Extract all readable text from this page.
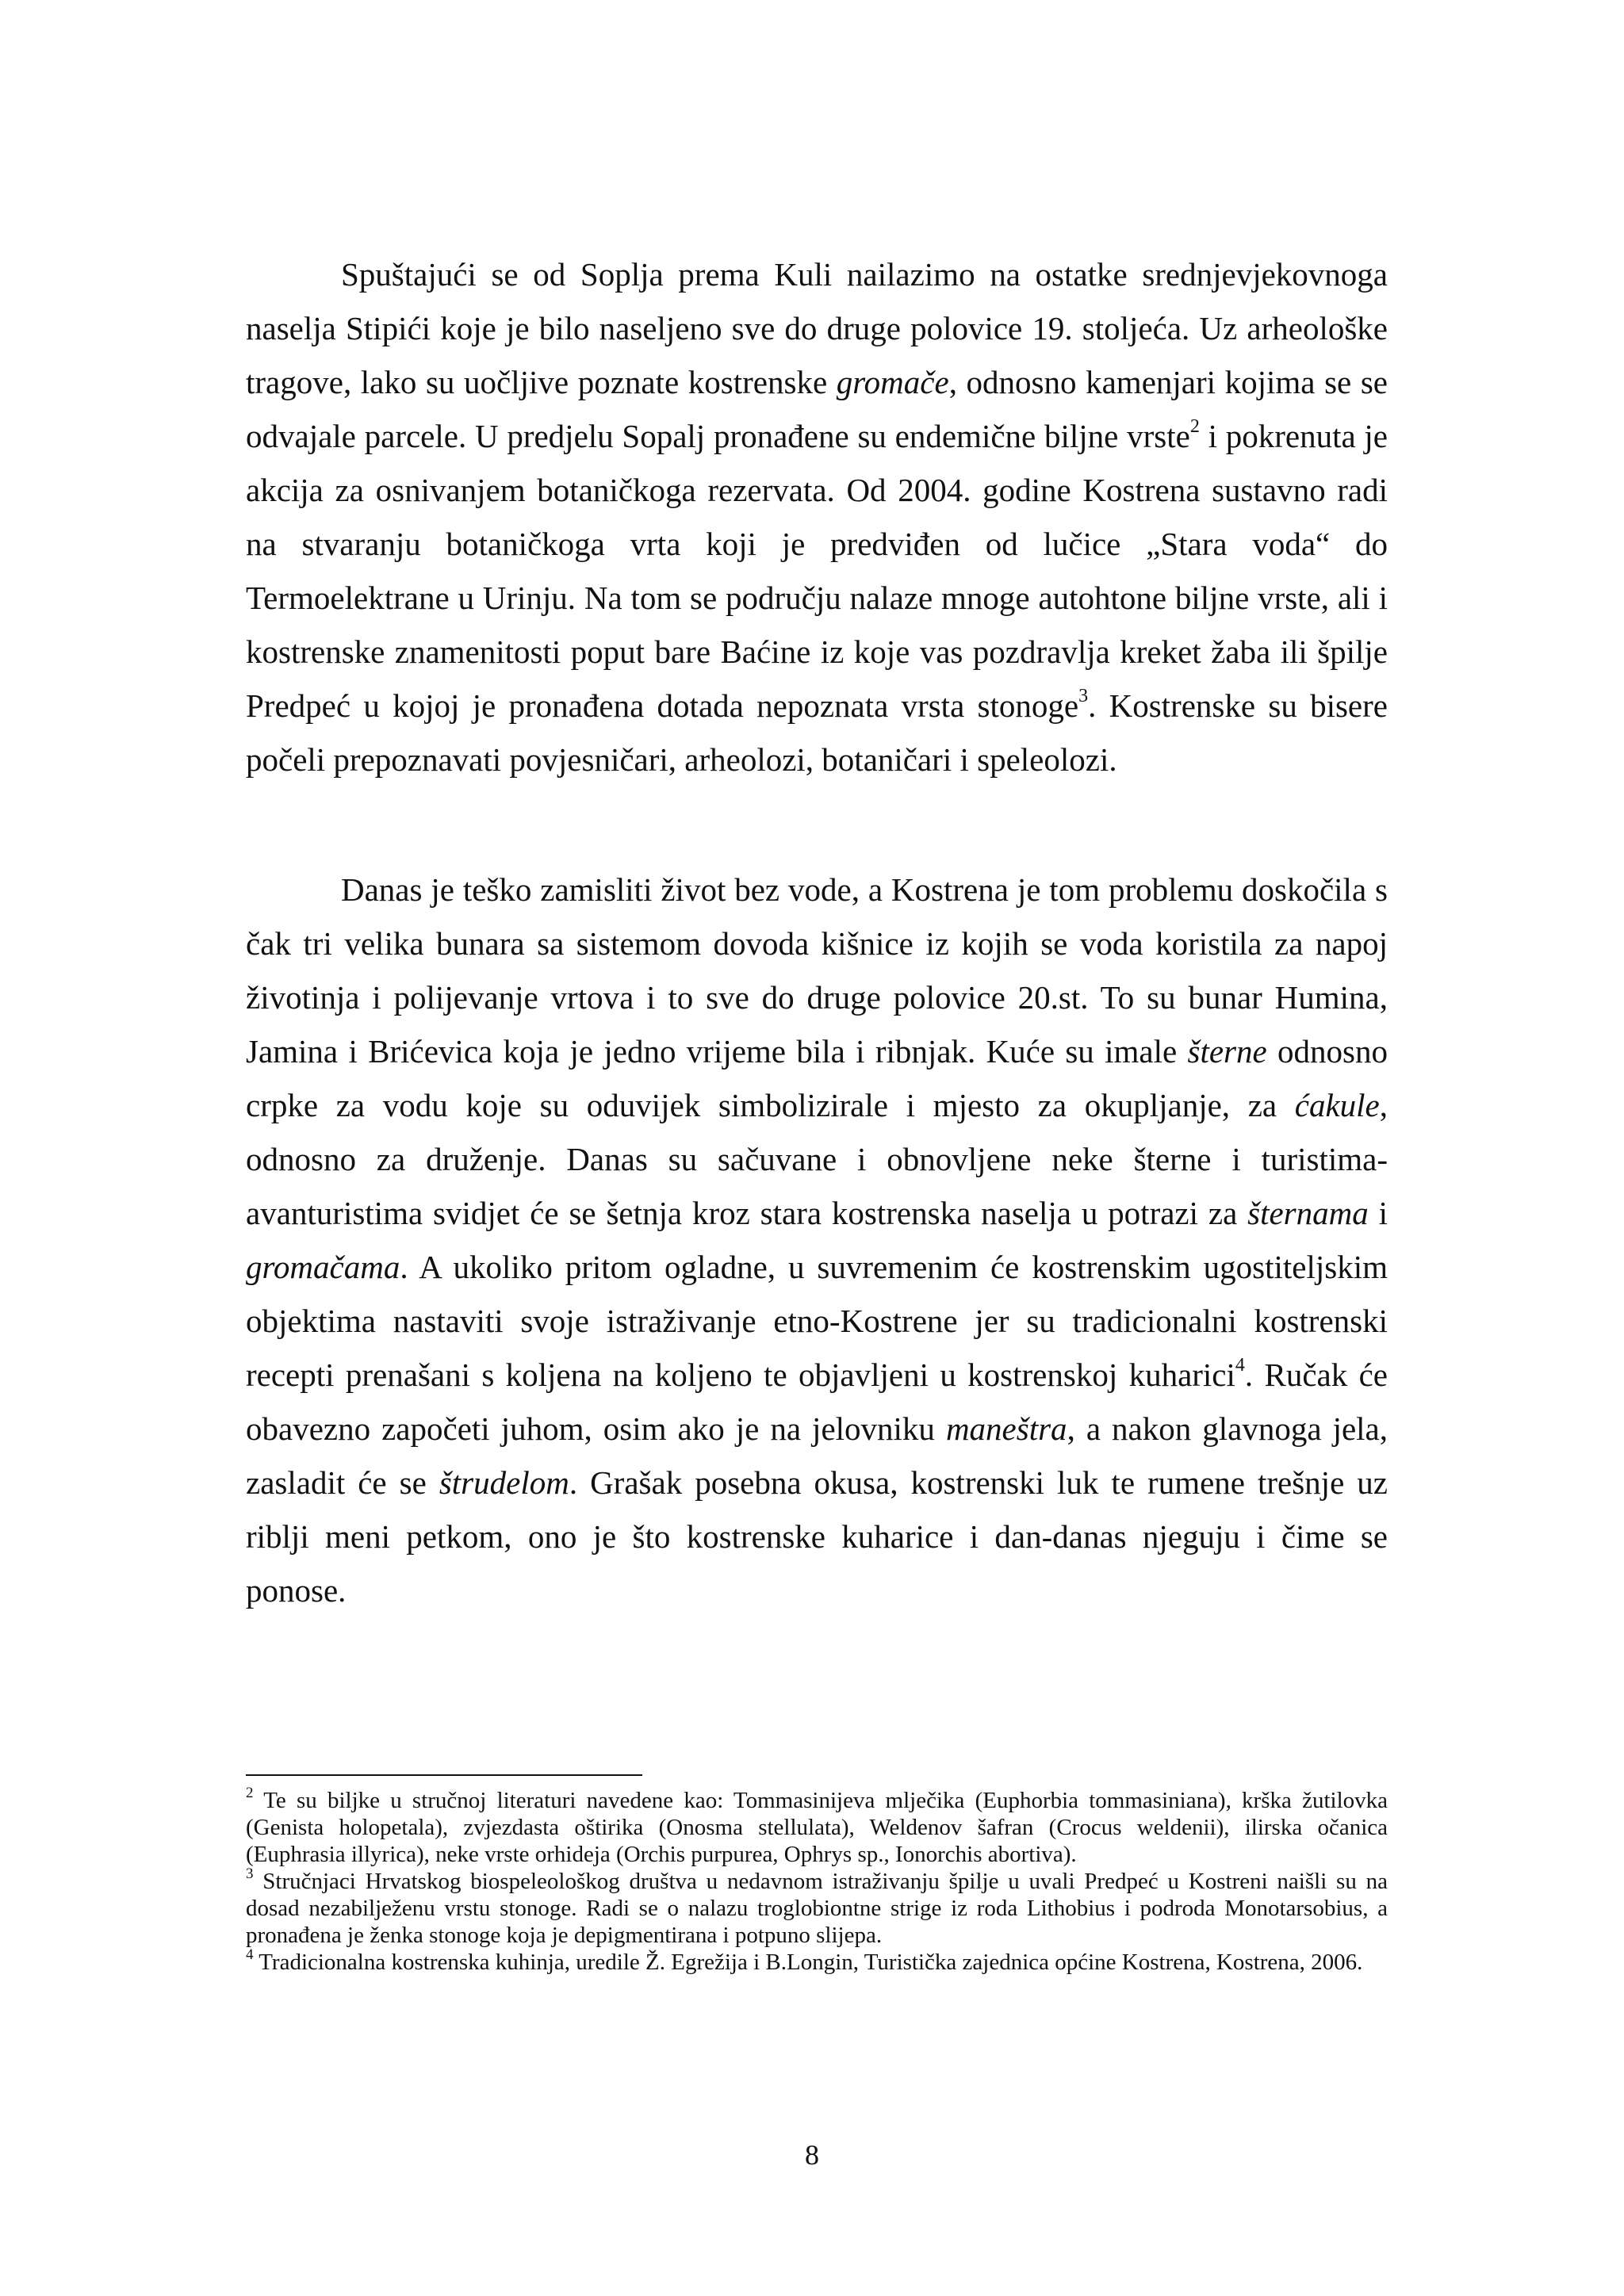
Spuštajući se od Soplja prema Kuli nailazimo na ostatke srednjevjekovnoga naselja Stipići koje je bilo naseljeno sve do druge polovice 19. stoljeća. Uz arheološke tragove, lako su uočljive poznate kostrenske gromače, odnosno kamenjari kojima se se odvajale parcele. U predjelu Sopalj pronađene su endemične biljne vrste$^2$ i pokrenuta je akcija za osnivanjem botaničkoga rezervata. Od 2004. godine Kostrena sustavno radi na stvaranju botaničkoga vrta koji je predviđen od lučice „Stara voda“ do Termoelektrane u Urinju. Na tom se području nalaze mnoge autohtone biljne vrste, ali i kostrenske znamenitosti poput bare Baćine iz koje vas pozdravlja kreket žaba ili špilje Predpeć u kojoj je pronađena dotada nepoznata vrsta stonoge$^3$. Kostrenske su bisere počeli prepoznavati povjesničari, arheolozi, botaničari i speleolozi.

Danas je teško zamisliti život bez vode, a Kostrena je tom problemu doskočila s čak tri velika bunara sa sistemom dovoda kišnice iz kojih se voda koristila za napoj životinja i polijevanje vrtova i to sve do druge polovice 20.st. To su bunar Humina, Jamina i Brićevica koja je jedno vrijeme bila i ribnjak. Kuće su imale šterne odnosno crpke za vodu koje su oduvijek simbolizirale i mjesto za okupljanje, za ćakule, odnosno za druženje. Danas su sačuvane i obnovljene neke šterne i turistima-avanturistima svidjet će se šetnja kroz stara kostrenska naselja u potrazi za šternama i gromačama. A ukoliko pritom ogladne, u suvremenim će kostrenskim ugostiteljskim objektima nastaviti svoje istraživanje etno-Kostrene jer su tradicionalni kostrenski recepti prenašani s koljena na koljeno te objavljeni u kostrenskoj kuharici$^4$. Ručak će obavezno započeti juhom, osim ako je na jelovniku maneštra, a nakon glavnoga jela, zasladit će se štrudelom. Grašak posebna okusa, kostrenski luk te rumene trešnje uz riblji meni petkom, ono je što kostrenske kuharice i dan-danas njeguju i čime se ponose.

$^2$ Te su biljke u stručnoj literaturi navedene kao: Tommasinijeva mlječika (Euphorbia tommasiniana), krška žutilovka (Genista holopetala), zvjezdasta oštirika (Onosma stellulata), Weldenov šafran (Crocus weldenii), ilirska očanica (Euphrasia illyrica), neke vrste orhideja (Orchis purpurea, Ophrys sp., Ionorchis abortiva).

$^3$ Stručnjaci Hrvatskog biospeleološkog društva u nedavnom istraživanju špilje u uvali Predpeć u Kostreni naišli su na dosad nezabilježenu vrstu stonoge. Radi se o nalazu troglobiontne strige iz roda Lithobius i podroda Monotarsobius, a pronađena je ženka stonoge koja je depigmentirana i potpuno slijepa.

$^4$ Tradicionalna kostrenska kuhinja, uredile Ž. Egrežija i B.Longin, Turistička zajednica općine Kostrena, Kostrena, 2006.

8
